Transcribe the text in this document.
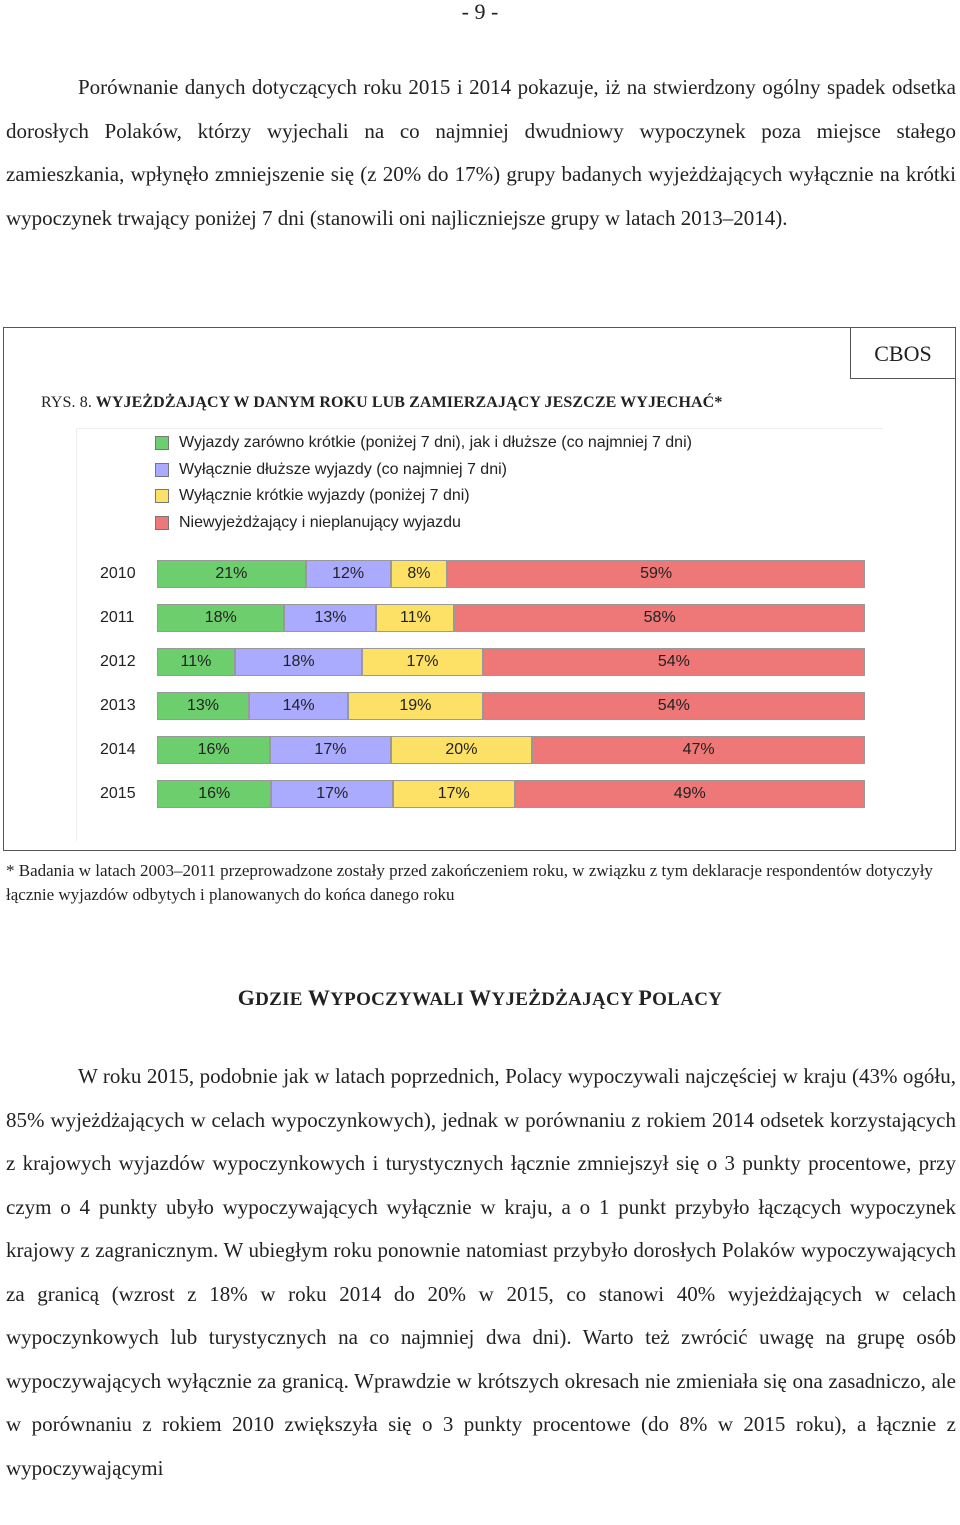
- 9 -

Porównanie danych dotyczących roku 2015 i 2014 pokazuje, iż na stwierdzony ogólny spadek odsetka dorosłych Polaków, którzy wyjechali na co najmniej dwudniowy wypoczynek poza miejsce stałego zamieszkania, wpłynęło zmniejszenie się (z 20% do 17%) grupy badanych wyjeżdżających wyłącznie na krótki wypoczynek trwający poniżej 7 dni (stanowili oni najliczniejsze grupy w latach 2013–2014).

CBOS
RYS. 8. WYJEŻDŻAJĄCY W DANYM ROKU LUB ZAMIERZAJĄCY JESZCZE WYJECHAĆ*
Wyjazdy zarówno krótkie (poniżej 7 dni), jak i dłuższe (co najmniej 7 dni)
Wyłącznie dłuższe wyjazdy (co najmniej 7 dni)
Wyłącznie krótkie wyjazdy (poniżej 7 dni)
Niewyjeżdżający i nieplanujący wyjazdu
2010	21%	12%	8%	59%
2011	18%	13%	11%	58%
2012	11%	18%	17%	54%
2013	13%	14%	19%	54%
2014	16%	17%	20%	47%
2015	16%	17%	17%	49%

* Badania w latach 2003–2011 przeprowadzone zostały przed zakończeniem roku, w związku z tym deklaracje respondentów dotyczyły łącznie wyjazdów odbytych i planowanych do końca danego roku

GDZIE WYPOCZYWALI WYJEŻDŻAJĄCY POLACY

W roku 2015, podobnie jak w latach poprzednich, Polacy wypoczywali najczęściej w kraju (43% ogółu, 85% wyjeżdżających w celach wypoczynkowych), jednak w porównaniu z rokiem 2014 odsetek korzystających z krajowych wyjazdów wypoczynkowych i turystycznych łącznie zmniejszył się o 3 punkty procentowe, przy czym o 4 punkty ubyło wypoczywających wyłącznie w kraju, a o 1 punkt przybyło łączących wypoczynek krajowy z zagranicznym. W ubiegłym roku ponownie natomiast przybyło dorosłych Polaków wypoczywających za granicą (wzrost z 18% w roku 2014 do 20% w 2015, co stanowi 40% wyjeżdżających w celach wypoczynkowych lub turystycznych na co najmniej dwa dni). Warto też zwrócić uwagę na grupę osób wypoczywających wyłącznie za granicą. Wprawdzie w krótszych okresach nie zmieniała się ona zasadniczo, ale w porównaniu z rokiem 2010 zwiększyła się o 3 punkty procentowe (do 8% w 2015 roku), a łącznie z wypoczywającymi
